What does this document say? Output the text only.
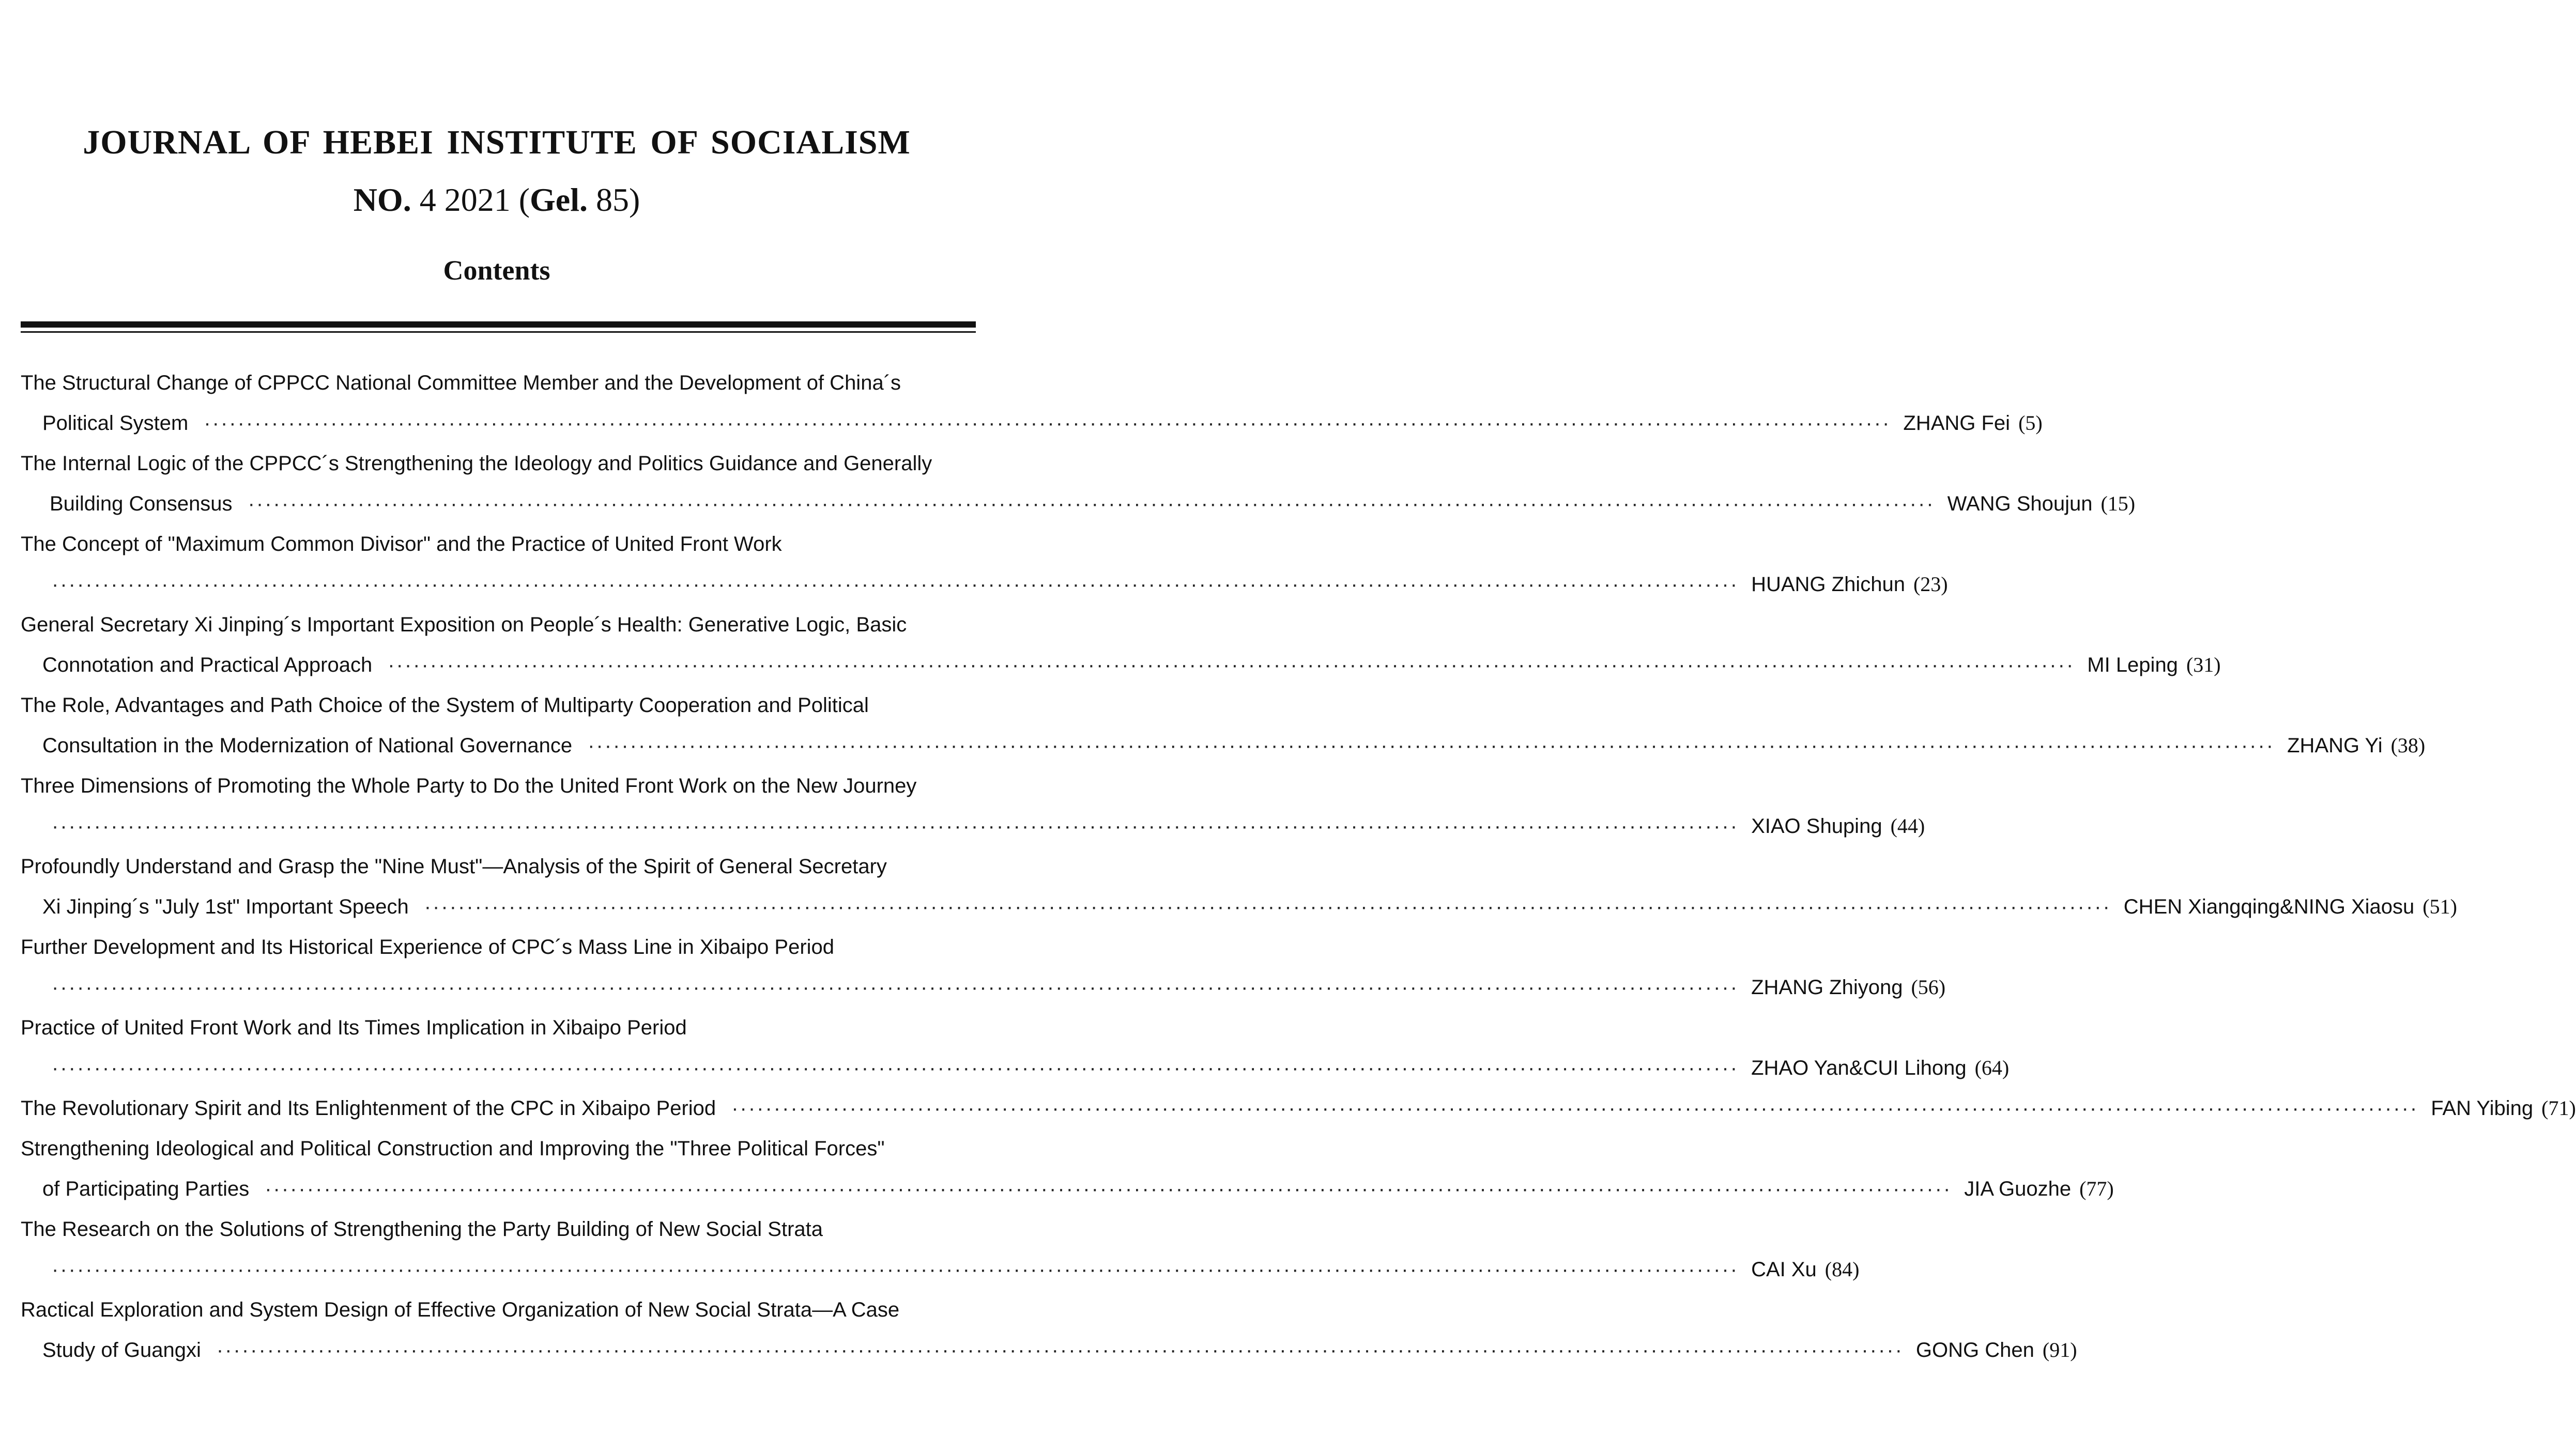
JOURNAL OF HEBEI INSTITUTE OF SOCIALISM
NO. 4 2021 (Gel. 85)
Contents
The Structural Change of CPPCC National Committee Member and the Development of China´s
Political System ········································································································································································································ ZHANG Fei (5)
The Internal Logic of the CPPCC´s Strengthening the Ideology and Politics Guidance and Generally
Building Consensus ········································································································································································································ WANG Shoujun (15)
The Concept of "Maximum Common Divisor" and the Practice of United Front Work
········································································································································································································ HUANG Zhichun (23)
General Secretary Xi Jinping´s Important Exposition on People´s Health: Generative Logic, Basic
Connotation and Practical Approach ········································································································································································································ MI Leping (31)
The Role, Advantages and Path Choice of the System of Multiparty Cooperation and Political
Consultation in the Modernization of National Governance ········································································································································································································ ZHANG Yi (38)
Three Dimensions of Promoting the Whole Party to Do the United Front Work on the New Journey
········································································································································································································ XIAO Shuping (44)
Profoundly Understand and Grasp the "Nine Must"—Analysis of the Spirit of General Secretary
Xi Jinping´s "July 1st" Important Speech ········································································································································································································ CHEN Xiangqing&NING Xiaosu (51)
Further Development and Its Historical Experience of CPC´s Mass Line in Xibaipo Period
········································································································································································································ ZHANG Zhiyong (56)
Practice of United Front Work and Its Times Implication in Xibaipo Period
········································································································································································································ ZHAO Yan&CUI Lihong (64)
The Revolutionary Spirit and Its Enlightenment of the CPC in Xibaipo Period ········································································································································································································ FAN Yibing (71)
Strengthening Ideological and Political Construction and Improving the "Three Political Forces"
of Participating Parties ········································································································································································································ JIA Guozhe (77)
The Research on the Solutions of Strengthening the Party Building of New Social Strata
········································································································································································································ CAI Xu (84)
Ractical Exploration and System Design of Effective Organization of New Social Strata—A Case
Study of Guangxi ········································································································································································································ GONG Chen (91)
